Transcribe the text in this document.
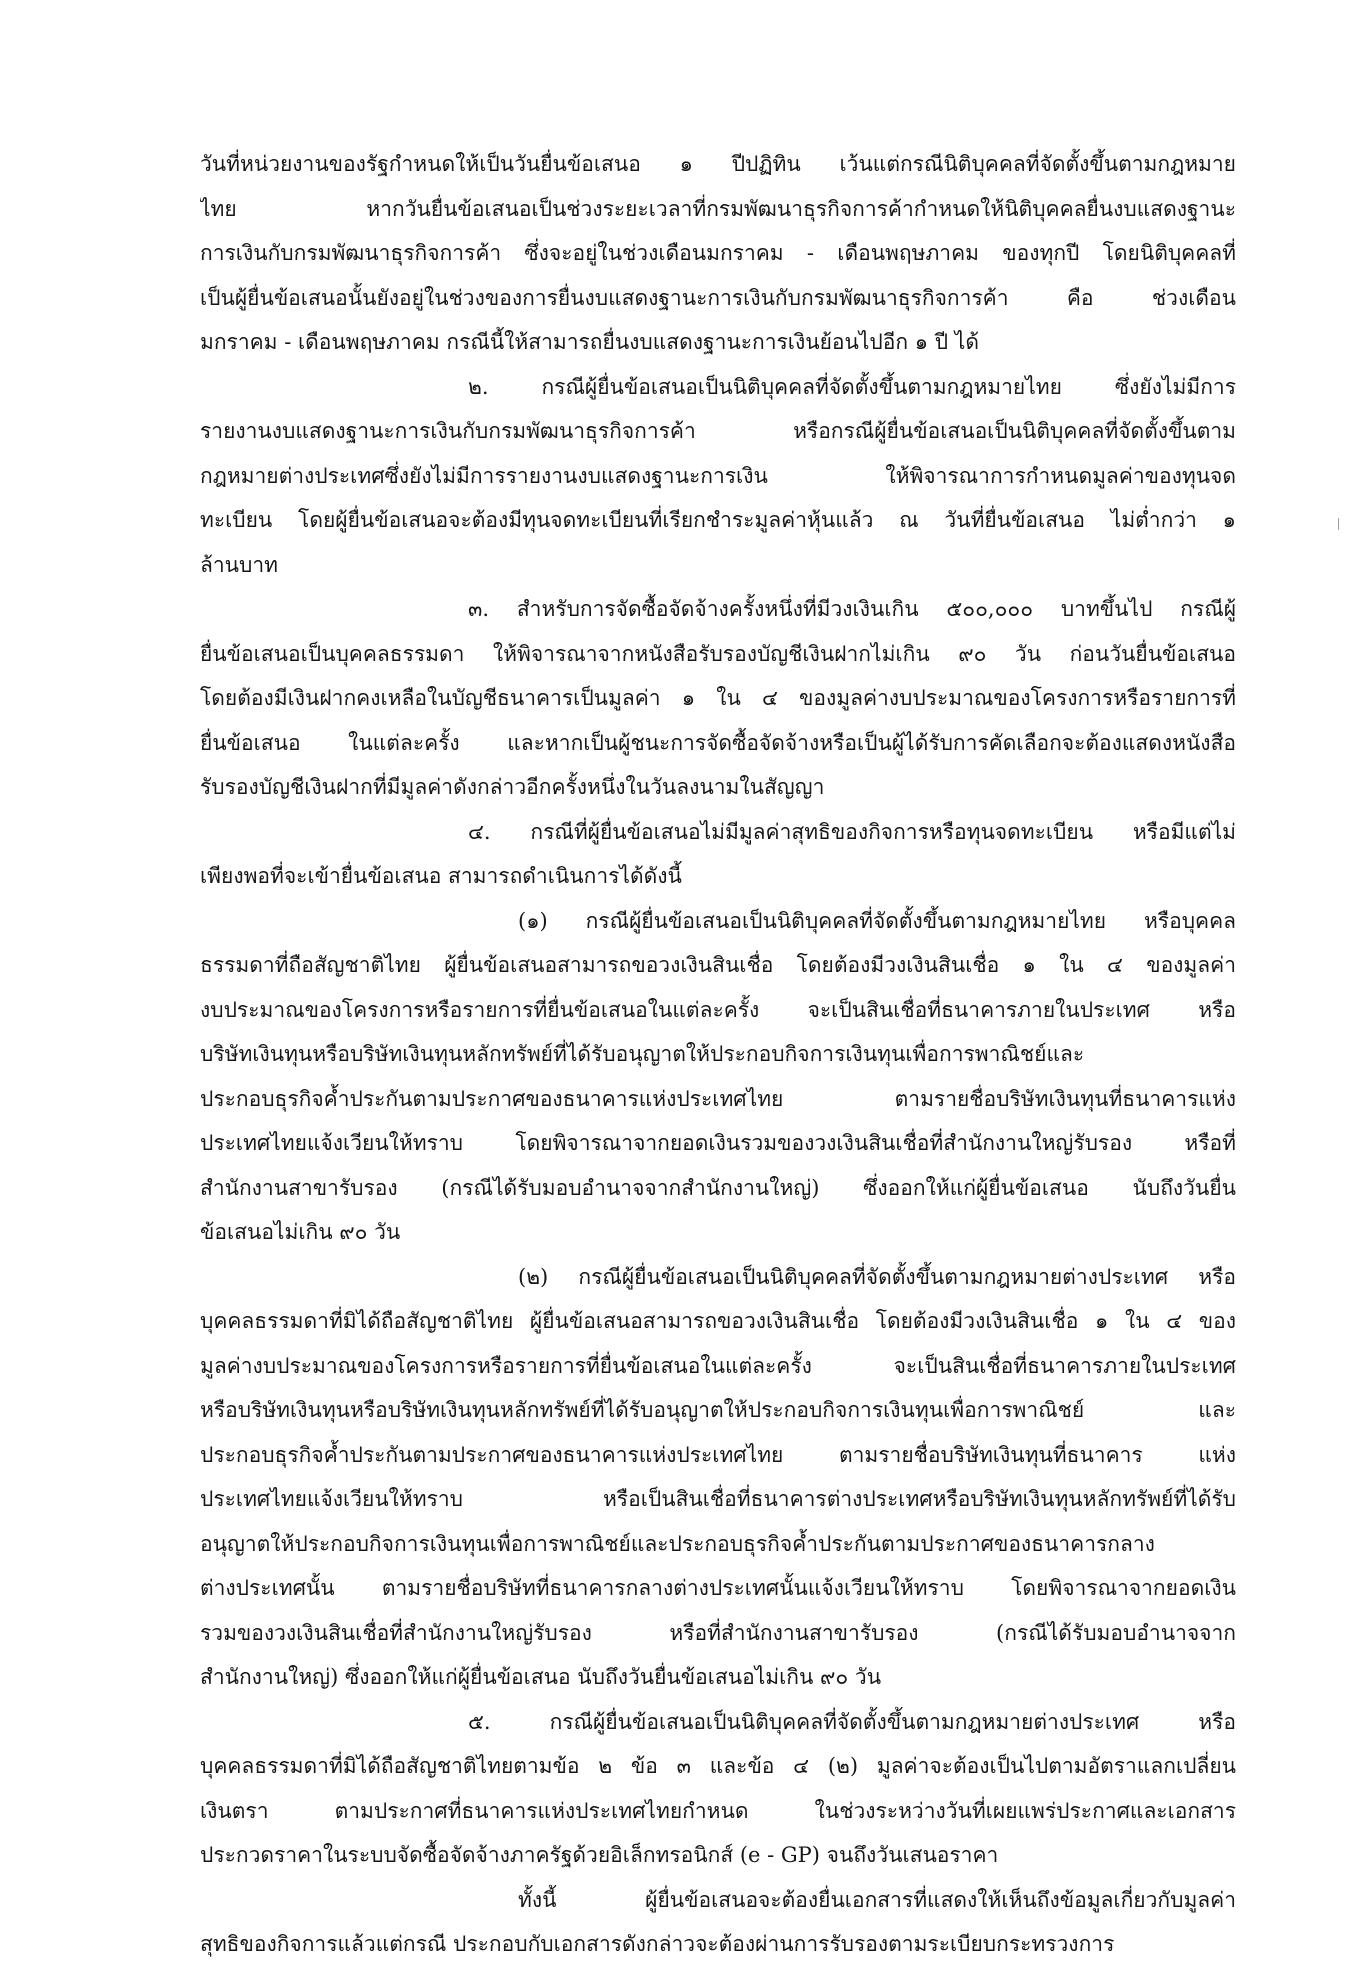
วันที่หน่วยงานของรัฐกำหนดให้เป็นวันยื่นข้อเสนอ ๑ ปีปฏิทิน เว้นแต่กรณีนิติบุคคลที่จัดตั้งขึ้นตามกฎหมาย
ไทย หากวันยื่นข้อเสนอเป็นช่วงระยะเวลาที่กรมพัฒนาธุรกิจการค้ากำหนดให้นิติบุคคลยื่นงบแสดงฐานะ
การเงินกับกรมพัฒนาธุรกิจการค้า ซึ่งจะอยู่ในช่วงเดือนมกราคม - เดือนพฤษภาคม ของทุกปี โดยนิติบุคคลที่
เป็นผู้ยื่นข้อเสนอนั้นยังอยู่ในช่วงของการยื่นงบแสดงฐานะการเงินกับกรมพัฒนาธุรกิจการค้า คือ ช่วงเดือน
มกราคม - เดือนพฤษภาคม กรณีนี้ให้สามารถยื่นงบแสดงฐานะการเงินย้อนไปอีก ๑ ปี ได้
๒. กรณีผู้ยื่นข้อเสนอเป็นนิติบุคคลที่จัดตั้งขึ้นตามกฎหมายไทย ซึ่งยังไม่มีการ
รายงานงบแสดงฐานะการเงินกับกรมพัฒนาธุรกิจการค้า หรือกรณีผู้ยื่นข้อเสนอเป็นนิติบุคคลที่จัดตั้งขึ้นตาม
กฎหมายต่างประเทศซึ่งยังไม่มีการรายงานงบแสดงฐานะการเงิน ให้พิจารณาการกำหนดมูลค่าของทุนจด
ทะเบียน โดยผู้ยื่นข้อเสนอจะต้องมีทุนจดทะเบียนที่เรียกชำระมูลค่าหุ้นแล้ว ณ วันที่ยื่นข้อเสนอ ไม่ต่ำกว่า ๑
ล้านบาท
๓. สำหรับการจัดซื้อจัดจ้างครั้งหนึ่งที่มีวงเงินเกิน ๕๐๐,๐๐๐ บาทขึ้นไป กรณีผู้
ยื่นข้อเสนอเป็นบุคคลธรรมดา ให้พิจารณาจากหนังสือรับรองบัญชีเงินฝากไม่เกิน ๙๐ วัน ก่อนวันยื่นข้อเสนอ
โดยต้องมีเงินฝากคงเหลือในบัญชีธนาคารเป็นมูลค่า ๑ ใน ๔ ของมูลค่างบประมาณของโครงการหรือรายการที่
ยื่นข้อเสนอ ในแต่ละครั้ง และหากเป็นผู้ชนะการจัดซื้อจัดจ้างหรือเป็นผู้ได้รับการคัดเลือกจะต้องแสดงหนังสือ
รับรองบัญชีเงินฝากที่มีมูลค่าดังกล่าวอีกครั้งหนึ่งในวันลงนามในสัญญา
๔. กรณีที่ผู้ยื่นข้อเสนอไม่มีมูลค่าสุทธิของกิจการหรือทุนจดทะเบียน หรือมีแต่ไม่
เพียงพอที่จะเข้ายื่นข้อเสนอ สามารถดำเนินการได้ดังนี้
(๑) กรณีผู้ยื่นข้อเสนอเป็นนิติบุคคลที่จัดตั้งขึ้นตามกฎหมายไทย หรือบุคคล
ธรรมดาที่ถือสัญชาติไทย ผู้ยื่นข้อเสนอสามารถขอวงเงินสินเชื่อ โดยต้องมีวงเงินสินเชื่อ ๑ ใน ๔ ของมูลค่า
งบประมาณของโครงการหรือรายการที่ยื่นข้อเสนอในแต่ละครั้ง จะเป็นสินเชื่อที่ธนาคารภายในประเทศ หรือ
บริษัทเงินทุนหรือบริษัทเงินทุนหลักทรัพย์ที่ได้รับอนุญาตให้ประกอบกิจการเงินทุนเพื่อการพาณิชย์และ
ประกอบธุรกิจค้ำประกันตามประกาศของธนาคารแห่งประเทศไทย ตามรายชื่อบริษัทเงินทุนที่ธนาคารแห่ง
ประเทศไทยแจ้งเวียนให้ทราบ โดยพิจารณาจากยอดเงินรวมของวงเงินสินเชื่อที่สำนักงานใหญ่รับรอง หรือที่
สำนักงานสาขารับรอง (กรณีได้รับมอบอำนาจจากสำนักงานใหญ่) ซึ่งออกให้แก่ผู้ยื่นข้อเสนอ นับถึงวันยื่น
ข้อเสนอไม่เกิน ๙๐ วัน
(๒) กรณีผู้ยื่นข้อเสนอเป็นนิติบุคคลที่จัดตั้งขึ้นตามกฎหมายต่างประเทศ หรือ
บุคคลธรรมดาที่มิได้ถือสัญชาติไทย ผู้ยื่นข้อเสนอสามารถขอวงเงินสินเชื่อ โดยต้องมีวงเงินสินเชื่อ ๑ ใน ๔ ของ
มูลค่างบประมาณของโครงการหรือรายการที่ยื่นข้อเสนอในแต่ละครั้ง จะเป็นสินเชื่อที่ธนาคารภายในประเทศ
หรือบริษัทเงินทุนหรือบริษัทเงินทุนหลักทรัพย์ที่ได้รับอนุญาตให้ประกอบกิจการเงินทุนเพื่อการพาณิชย์ และ
ประกอบธุรกิจค้ำประกันตามประกาศของธนาคารแห่งประเทศไทย ตามรายชื่อบริษัทเงินทุนที่ธนาคาร แห่ง
ประเทศไทยแจ้งเวียนให้ทราบ หรือเป็นสินเชื่อที่ธนาคารต่างประเทศหรือบริษัทเงินทุนหลักทรัพย์ที่ได้รับ
อนุญาตให้ประกอบกิจการเงินทุนเพื่อการพาณิชย์และประกอบธุรกิจค้ำประกันตามประกาศของธนาคารกลาง
ต่างประเทศนั้น ตามรายชื่อบริษัทที่ธนาคารกลางต่างประเทศนั้นแจ้งเวียนให้ทราบ โดยพิจารณาจากยอดเงิน
รวมของวงเงินสินเชื่อที่สำนักงานใหญ่รับรอง หรือที่สำนักงานสาขารับรอง (กรณีได้รับมอบอำนาจจาก
สำนักงานใหญ่) ซึ่งออกให้แก่ผู้ยื่นข้อเสนอ นับถึงวันยื่นข้อเสนอไม่เกิน ๙๐ วัน
๕. กรณีผู้ยื่นข้อเสนอเป็นนิติบุคคลที่จัดตั้งขึ้นตามกฎหมายต่างประเทศ หรือ
บุคคลธรรมดาที่มิได้ถือสัญชาติไทยตามข้อ ๒ ข้อ ๓ และข้อ ๔ (๒) มูลค่าจะต้องเป็นไปตามอัตราแลกเปลี่ยน
เงินตรา ตามประกาศที่ธนาคารแห่งประเทศไทยกำหนด ในช่วงระหว่างวันที่เผยแพร่ประกาศและเอกสาร
ประกวดราคาในระบบจัดซื้อจัดจ้างภาครัฐด้วยอิเล็กทรอนิกส์ (e - GP) จนถึงวันเสนอราคา
ทั้งนี้ ผู้ยื่นข้อเสนอจะต้องยื่นเอกสารที่แสดงให้เห็นถึงข้อมูลเกี่ยวกับมูลค่า
สุทธิของกิจการแล้วแต่กรณี ประกอบกับเอกสารดังกล่าวจะต้องผ่านการรับรองตามระเบียบกระทรวงการ
